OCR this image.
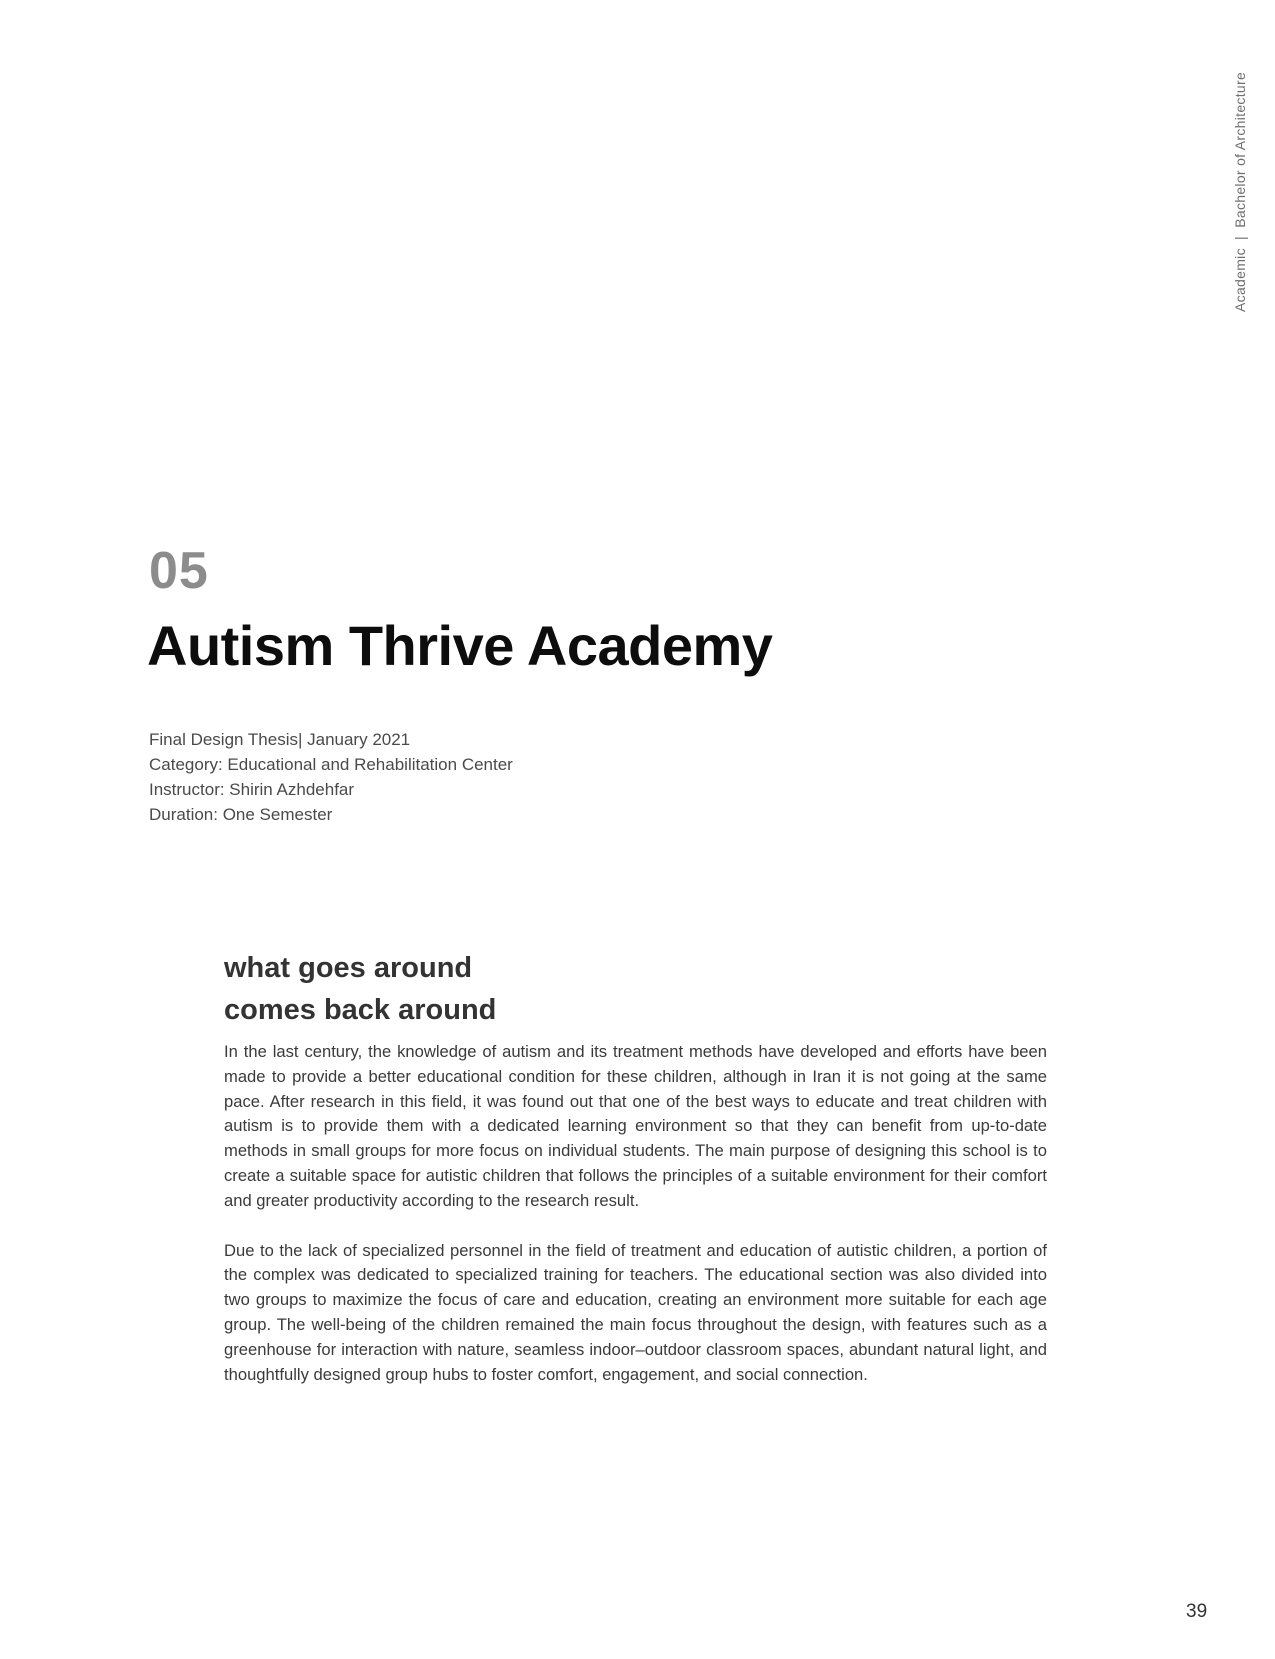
Academic | Bachelor of Architecture
05
Autism Thrive Academy
Final Design Thesis| January 2021
Category: Educational and Rehabilitation Center
Instructor: Shirin Azhdehfar
Duration: One Semester
what goes around
comes back around

In the last century, the knowledge of autism and its treatment methods have developed and efforts have been made to provide a better educational condition for these children, although in Iran it is not going at the same pace. After research in this field, it was found out that one of the best ways to educate and treat children with autism is to provide them with a dedicated learning environment so that they can benefit from up-to-date methods in small groups for more focus on individual students. The main purpose of designing this school is to create a suitable space for autistic children that follows the principles of a suitable environment for their comfort and greater productivity according to the research result.

Due to the lack of specialized personnel in the field of treatment and education of autistic children, a portion of the complex was dedicated to specialized training for teachers. The educational section was also divided into two groups to maximize the focus of care and education, creating an environment more suitable for each age group. The well-being of the children remained the main focus throughout the design, with features such as a greenhouse for interaction with nature, seamless indoor–outdoor classroom spaces, abundant natural light, and thoughtfully designed group hubs to foster comfort, engagement, and social connection.

39
